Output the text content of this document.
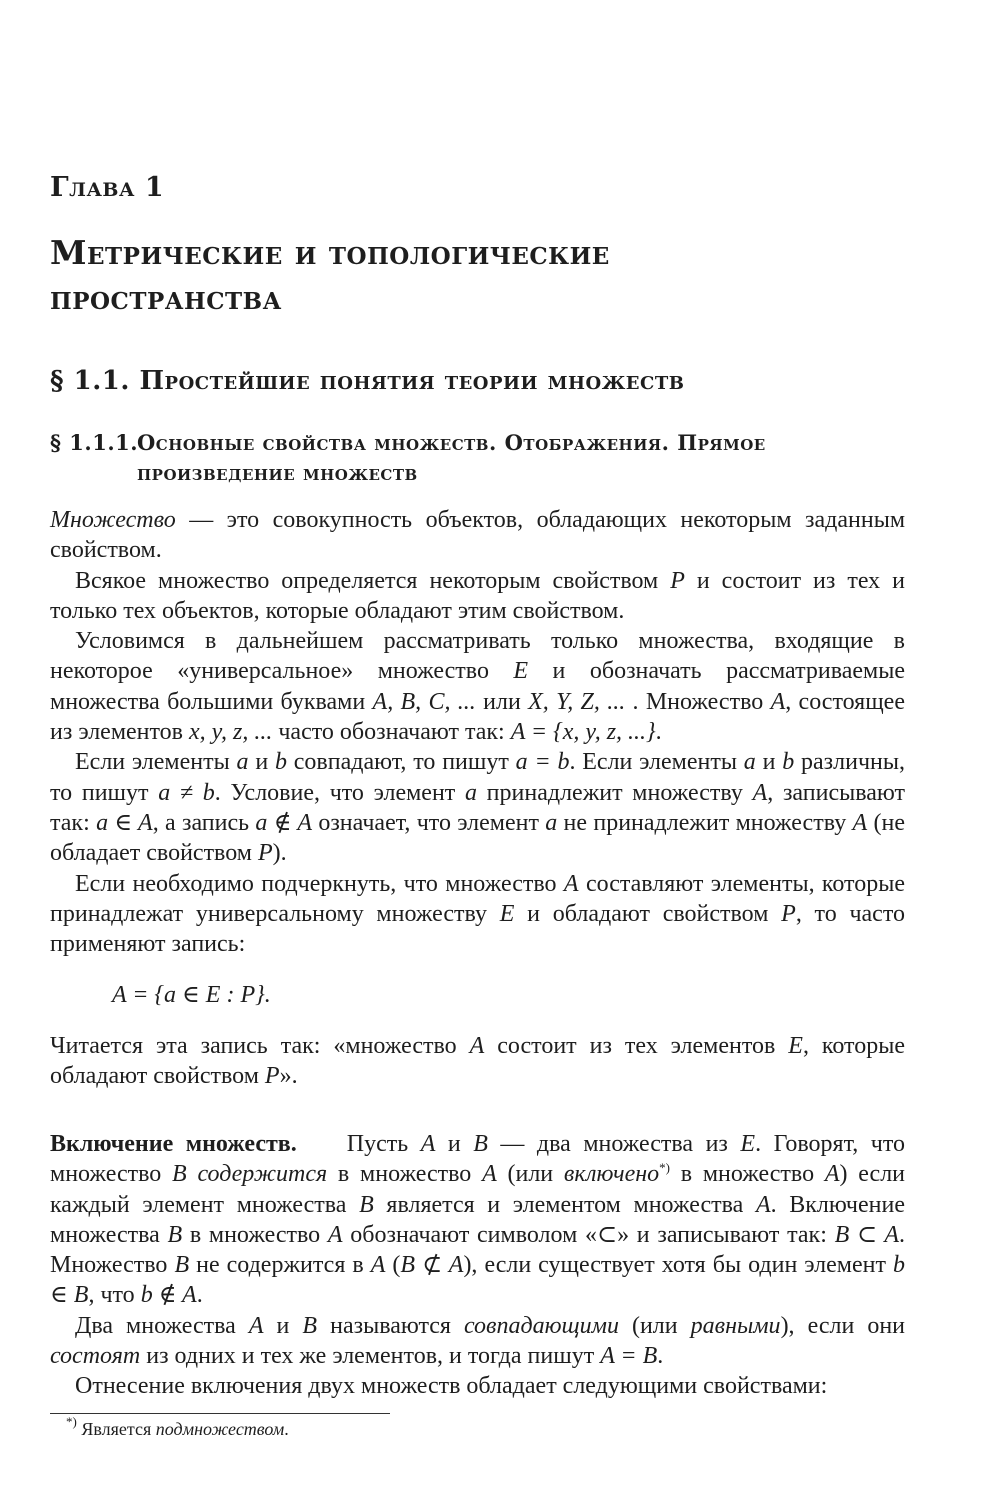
Глава 1
Метрические и топологические
пространства
§ 1.1. Простейшие понятия теории множеств
§ 1.1.1.
Основные свойства множеств. Отображения. Прямое
произведение множеств

Множество — это совокупность объектов, обладающих некоторым заданным свойством.

Всякое множество определяется некоторым свойством P и состоит из тех и только тех объектов, которые обладают этим свойством.

Условимся в дальнейшем рассматривать только множества, входящие в некоторое «универсальное» множество E и обозначать рассматриваемые множества большими буквами A, B, C, ... или X, Y, Z, ... . Множество A, состоящее из элементов x, y, z, ... часто обозначают так: A = {x, y, z, ...}.

Если элементы a и b совпадают, то пишут a = b. Если элементы a и b различны, то пишут a ≠ b. Условие, что элемент a принадлежит множеству A, записывают так: a ∈ A, а запись a ∉ A означает, что элемент a не принадлежит множеству A (не обладает свойством P).

Если необходимо подчеркнуть, что множество A составляют элементы, которые принадлежат универсальному множеству E и обладают свойством P, то часто применяют запись:

A = {a ∈ E : P}.

Читается эта запись так: «множество A состоит из тех элементов E, которые обладают свойством P».

Включение множеств. Пусть A и B — два множества из E. Говорят, что множество B содержится в множество A (или включено*) в множество A) если каждый элемент множества B является и элементом множества A. Включение множества B в множество A обозначают символом «⊂» и записывают так: B ⊂ A. Множество B не содержится в A (B ⊄ A), если существует хотя бы один элемент b ∈ B, что b ∉ A.

Два множества A и B называются совпадающими (или равными), если они состоят из одних и тех же элементов, и тогда пишут A = B.

Отнесение включения двух множеств обладает следующими свойствами:

*) Является подмножеством.
